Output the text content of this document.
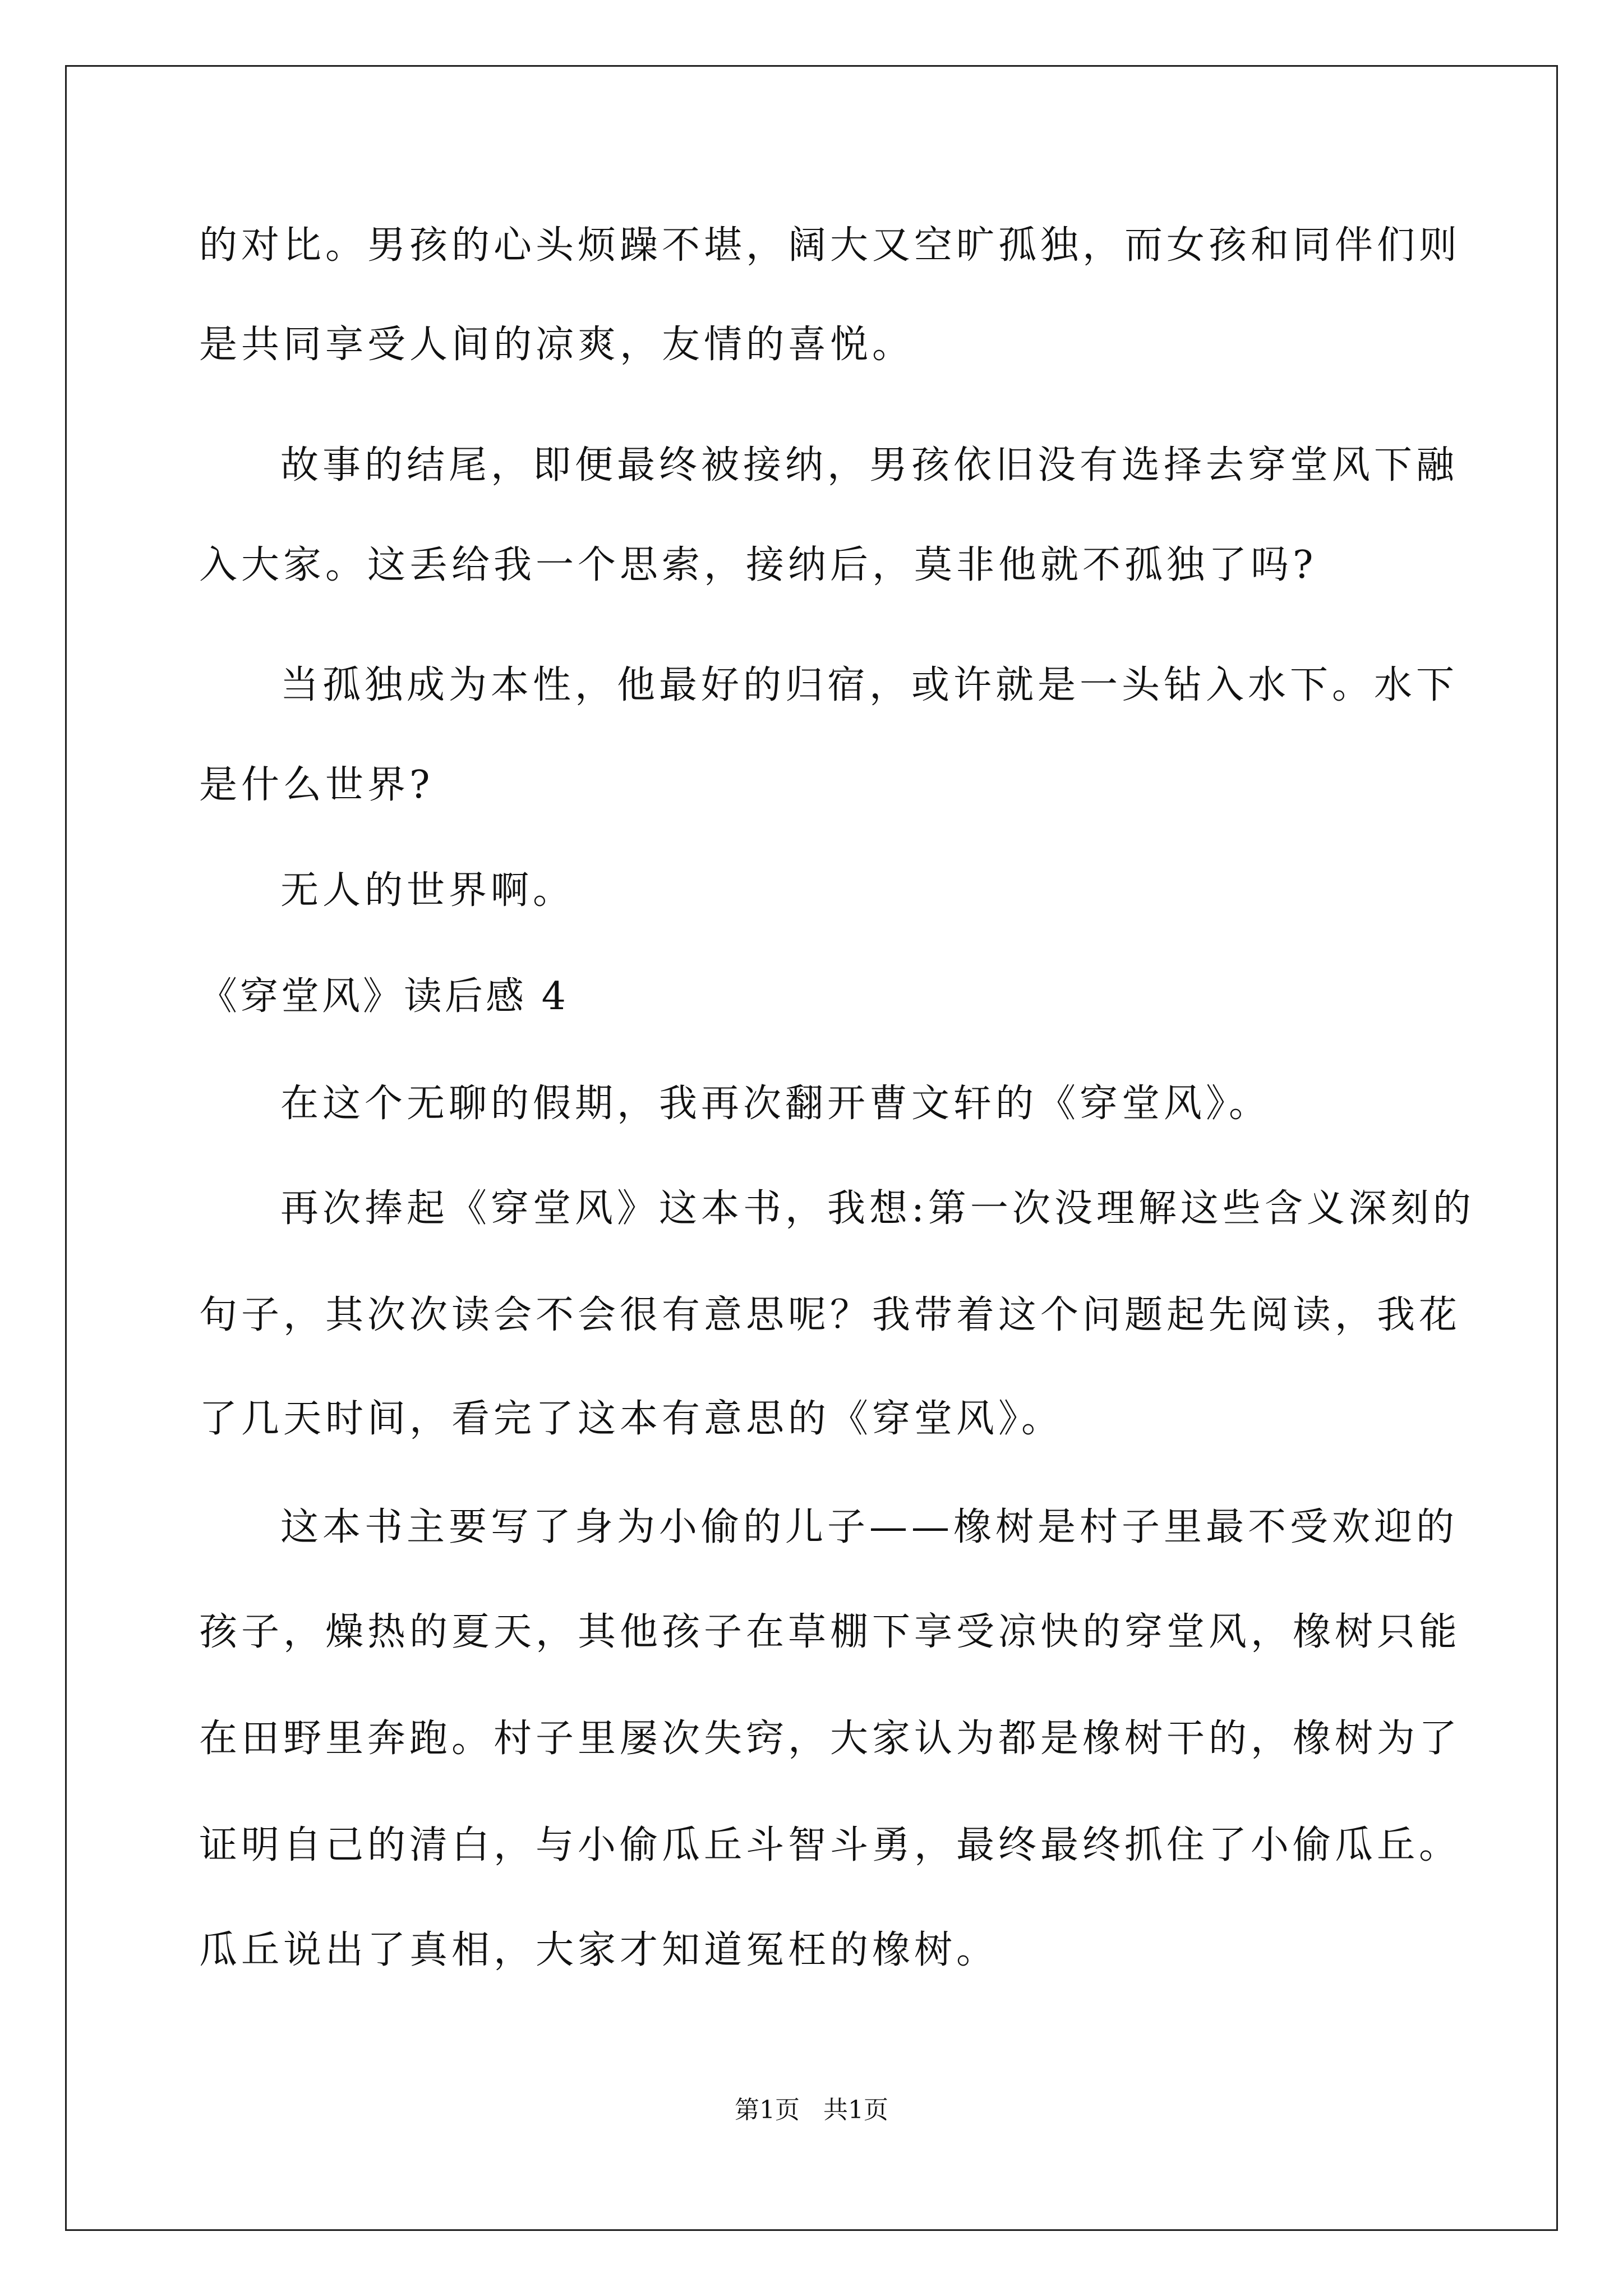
的对比。男孩的心头烦躁不堪，阔大又空旷孤独，而女孩和同伴们则
是共同享受人间的凉爽，友情的喜悦。
故事的结尾，即便最终被接纳，男孩依旧没有选择去穿堂风下融
入大家。这丢给我一个思索，接纳后，莫非他就不孤独了吗?
当孤独成为本性，他最好的归宿，或许就是一头钻入水下。水下
是什么世界?
无人的世界啊。
《穿堂风》读后感 4
在这个无聊的假期，我再次翻开曹文轩的《穿堂风》。
再次捧起《穿堂风》这本书，我想:第一次没理解这些含义深刻的
句子，其次次读会不会很有意思呢？我带着这个问题起先阅读，我花
了几天时间，看完了这本有意思的《穿堂风》。
这本书主要写了身为小偷的儿子——橡树是村子里最不受欢迎的
孩子，燥热的夏天，其他孩子在草棚下享受凉快的穿堂风，橡树只能
在田野里奔跑。村子里屡次失窍，大家认为都是橡树干的，橡树为了
证明自己的清白，与小偷瓜丘斗智斗勇，最终最终抓住了小偷瓜丘。
瓜丘说出了真相，大家才知道冤枉的橡树。
第1页   共1页
